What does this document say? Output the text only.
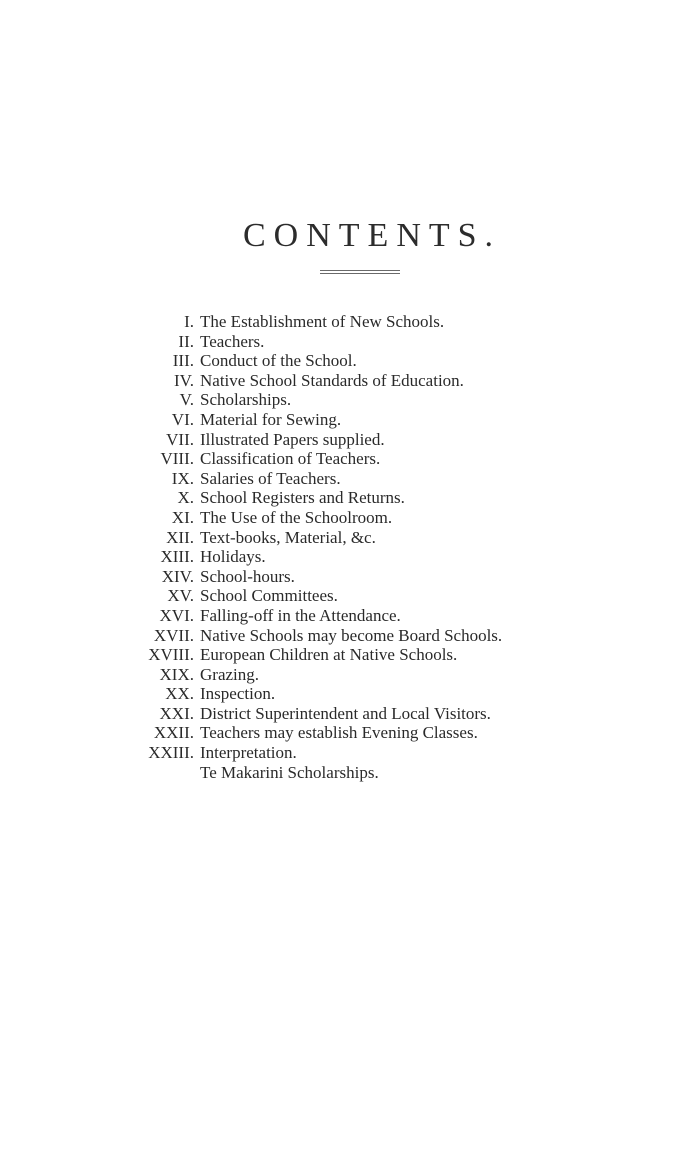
CONTENTS.
I. The Establishment of New Schools.
II. Teachers.
III. Conduct of the School.
IV. Native School Standards of Education.
V. Scholarships.
VI. Material for Sewing.
VII. Illustrated Papers supplied.
VIII. Classification of Teachers.
IX. Salaries of Teachers.
X. School Registers and Returns.
XI. The Use of the Schoolroom.
XII. Text-books, Material, &c.
XIII. Holidays.
XIV. School-hours.
XV. School Committees.
XVI. Falling-off in the Attendance.
XVII. Native Schools may become Board Schools.
XVIII. European Children at Native Schools.
XIX. Grazing.
XX. Inspection.
XXI. District Superintendent and Local Visitors.
XXII. Teachers may establish Evening Classes.
XXIII. Interpretation.
Te Makarini Scholarships.
